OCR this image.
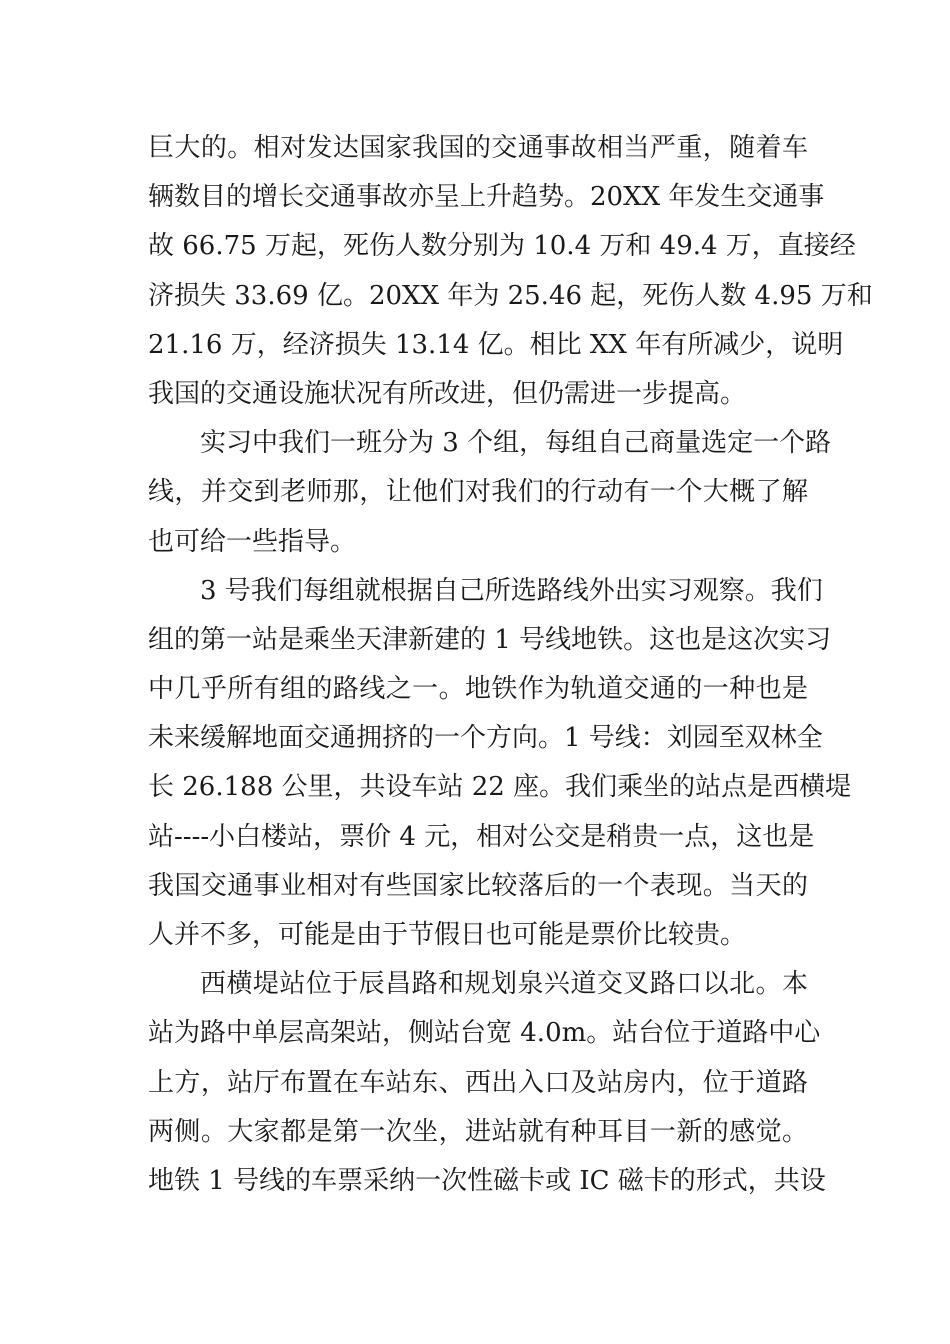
巨大的。相对发达国家我国的交通事故相当严重，随着车
辆数目的增长交通事故亦呈上升趋势。20XX 年发生交通事
故 66.75 万起，死伤人数分别为 10.4 万和 49.4 万，直接经
济损失 33.69 亿。20XX 年为 25.46 起，死伤人数 4.95 万和
21.16 万，经济损失 13.14 亿。相比 XX 年有所减少，说明
我国的交通设施状况有所改进，但仍需进一步提高。
实习中我们一班分为 3 个组，每组自己商量选定一个路
线，并交到老师那，让他们对我们的行动有一个大概了解
也可给一些指导。
3 号我们每组就根据自己所选路线外出实习观察。我们
组的第一站是乘坐天津新建的 1 号线地铁。这也是这次实习
中几乎所有组的路线之一。地铁作为轨道交通的一种也是
未来缓解地面交通拥挤的一个方向。1 号线：刘园至双林全
长 26.188 公里，共设车站 22 座。我们乘坐的站点是西横堤
站----小白楼站，票价 4 元，相对公交是稍贵一点，这也是
我国交通事业相对有些国家比较落后的一个表现。当天的
人并不多，可能是由于节假日也可能是票价比较贵。
西横堤站位于辰昌路和规划泉兴道交叉路口以北。本
站为路中单层高架站，侧站台宽 4.0m。站台位于道路中心
上方，站厅布置在车站东、西出入口及站房内，位于道路
两侧。大家都是第一次坐，进站就有种耳目一新的感觉。
地铁 1 号线的车票采纳一次性磁卡或 IC 磁卡的形式，共设
